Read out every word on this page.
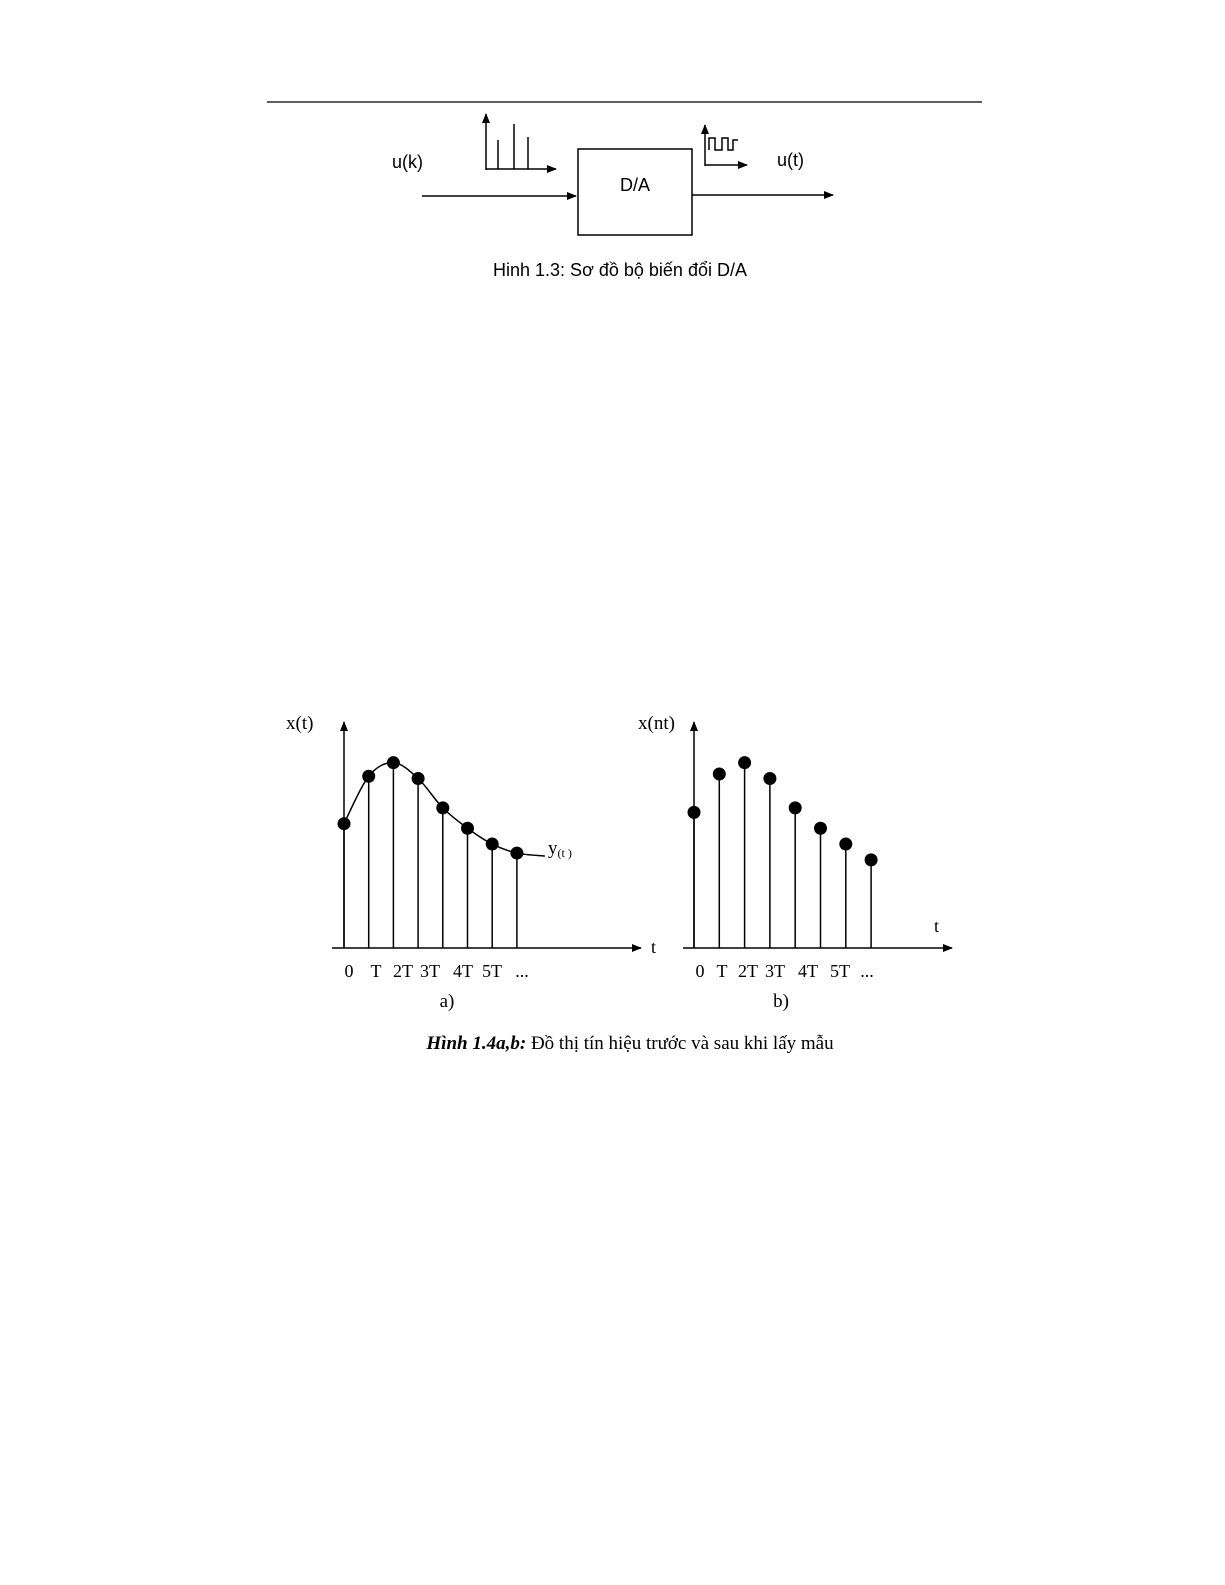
u(k)
D/A
u(t)
Hinh 1.3: Sơ đồ bộ biến đổi D/A
x(t)
t
y(t )
0 T 2T 3T 4T 5T ...
a)
x(nt)
t
0 T 2T 3T 4T 5T ...
b)
Hình 1.4a,b: Đồ thị tín hiệu trước và sau khi lấy mẫu
